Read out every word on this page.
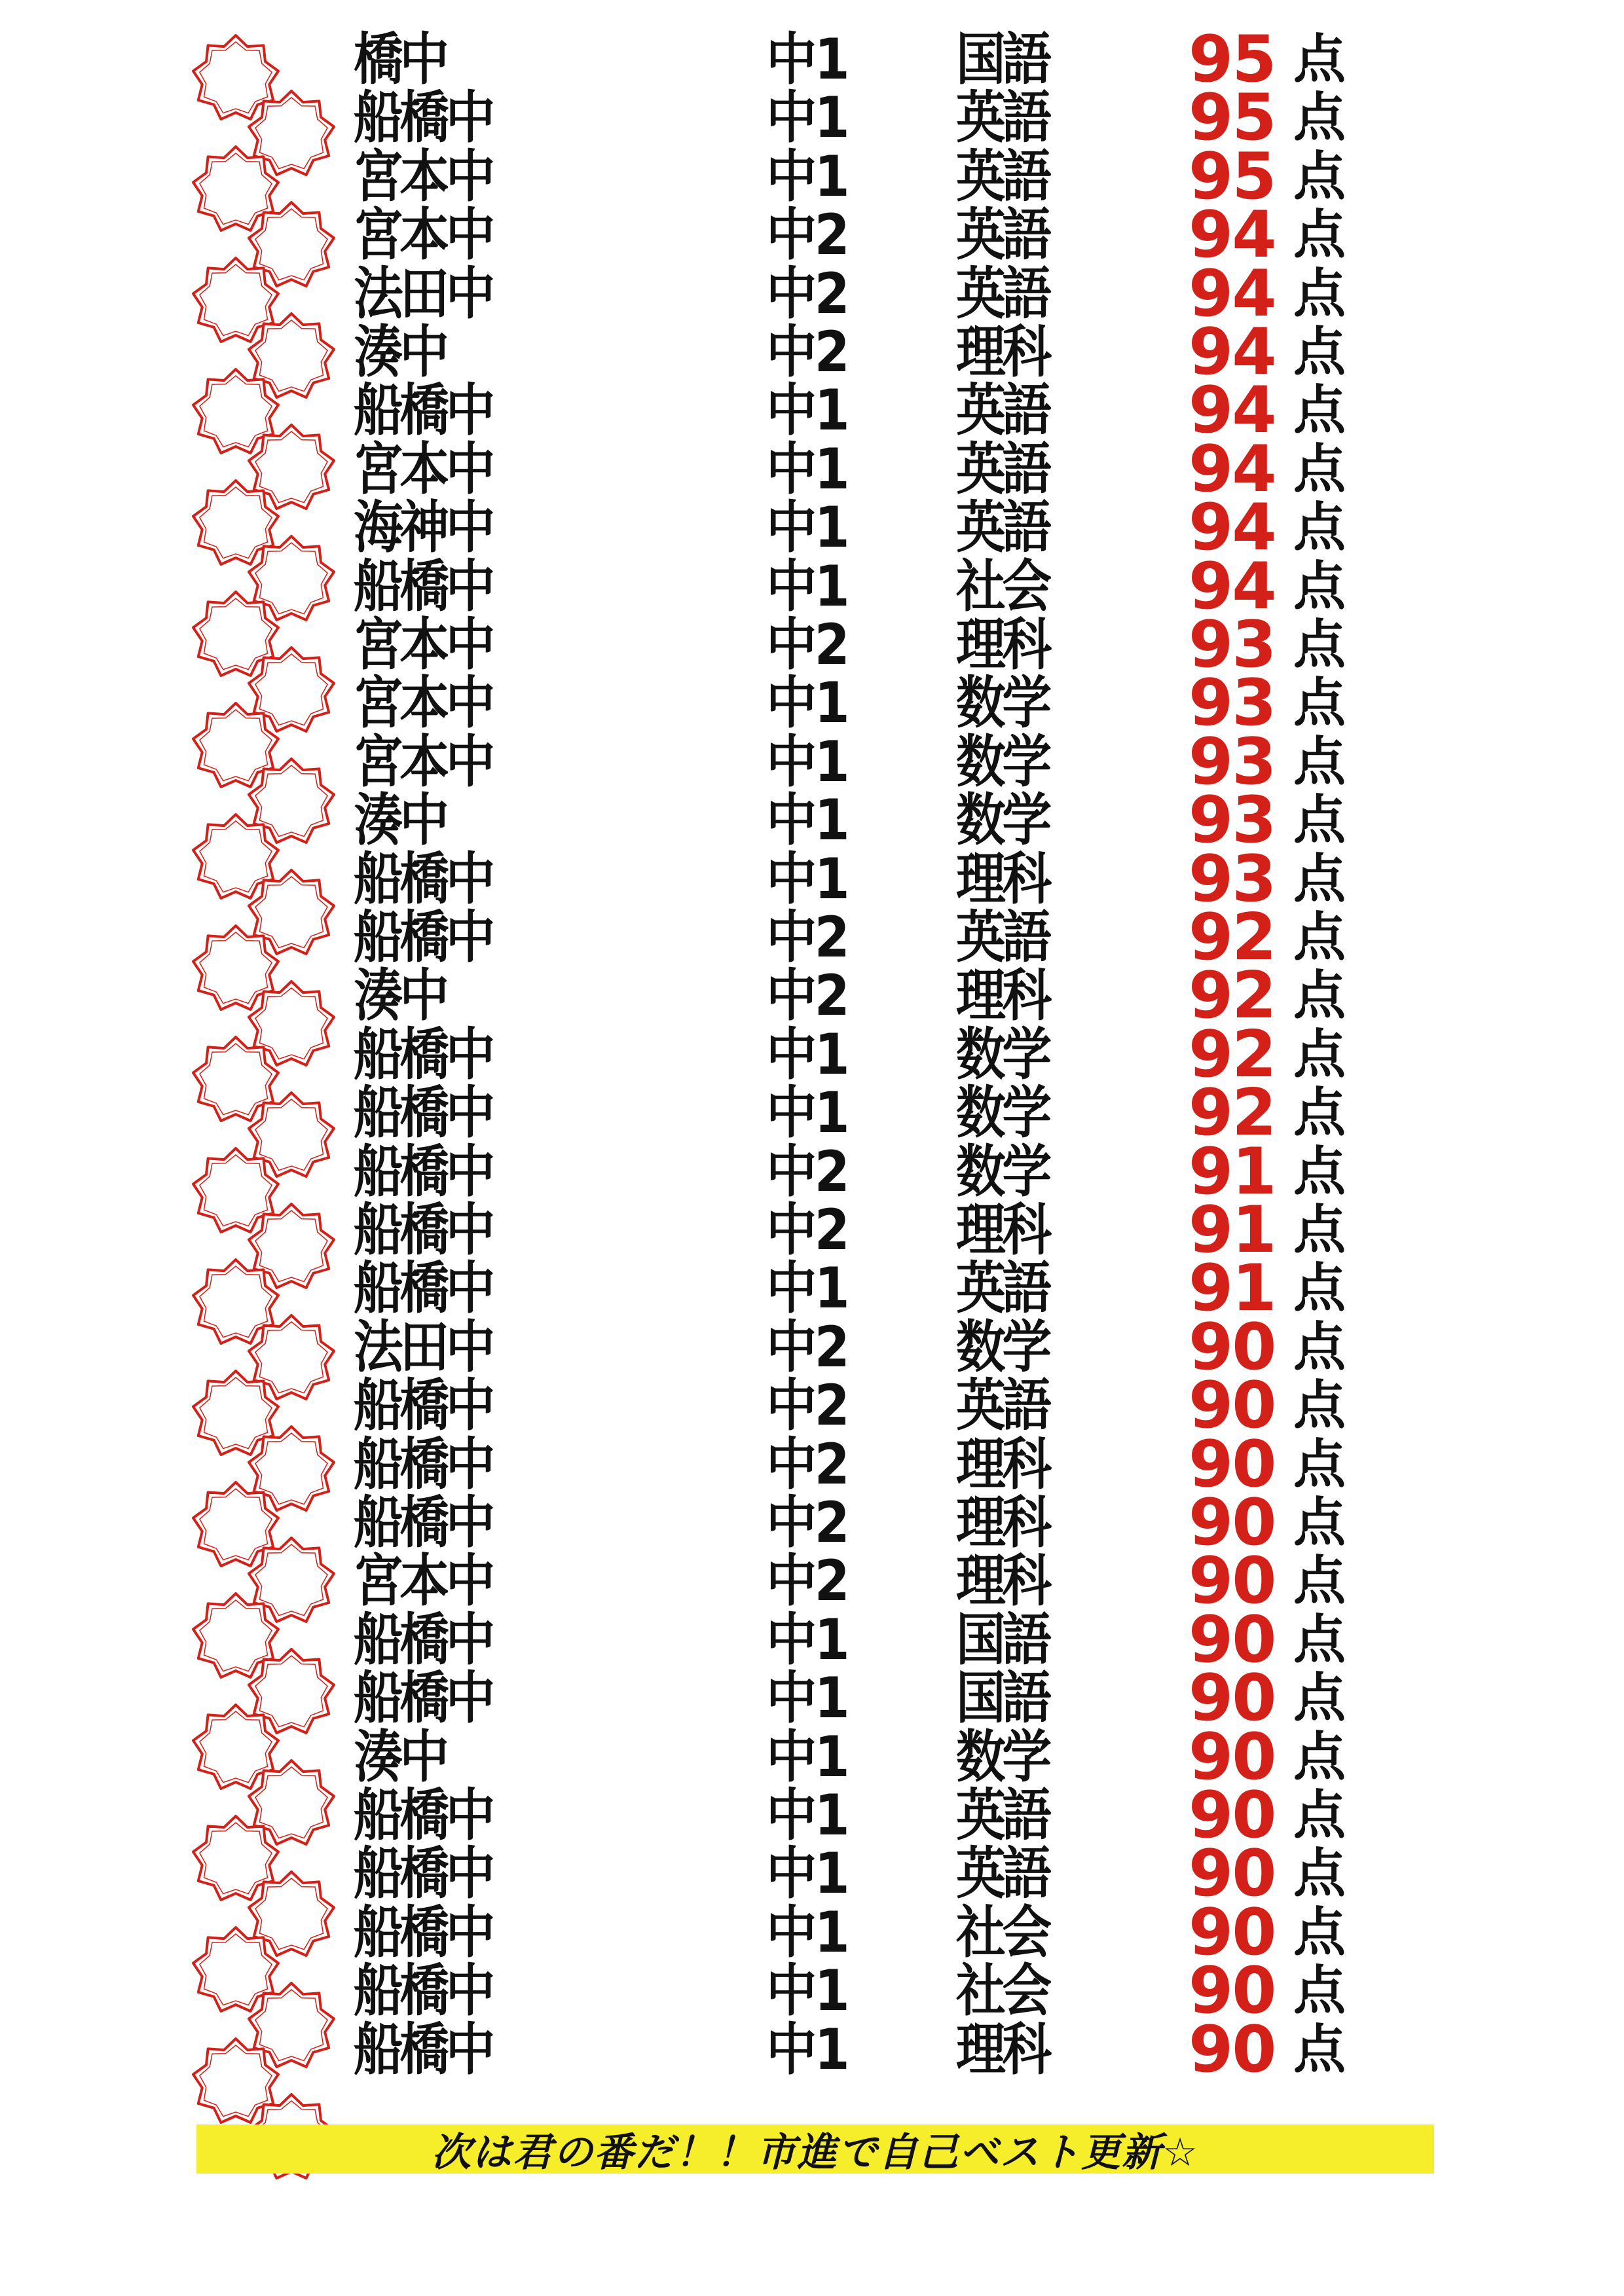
橋中	中1 国語 95 点
船橋中	中1 英語 95 点
宮本中	中1 英語 95 点
宮本中	中2 英語 94 点
法田中	中2 英語 94 点
湊中	中2 理科 94 点
船橋中	中1 英語 94 点
宮本中	中1 英語 94 点
海神中	中1 英語 94 点
船橋中	中1 社会 94 点
宮本中	中2 理科 93 点
宮本中	中1 数学 93 点
宮本中	中1 数学 93 点
湊中	中1 数学 93 点
船橋中	中1 理科 93 点
船橋中	中2 英語 92 点
湊中	中2 理科 92 点
船橋中	中1 数学 92 点
船橋中	中1 数学 92 点
船橋中	中2 数学 91 点
船橋中	中2 理科 91 点
船橋中	中1 英語 91 点
法田中	中2 数学 90 点
船橋中	中2 英語 90 点
船橋中	中2 理科 90 点
船橋中	中2 理科 90 点
宮本中	中2 理科 90 点
船橋中	中1 国語 90 点
船橋中	中1 国語 90 点
湊中	中1 数学 90 点
船橋中	中1 英語 90 点
船橋中	中1 英語 90 点
船橋中	中1 社会 90 点
船橋中	中1 社会 90 点
船橋中	中1 理科 90 点
次は君の番だ！！市進で自己ベスト更新☆
